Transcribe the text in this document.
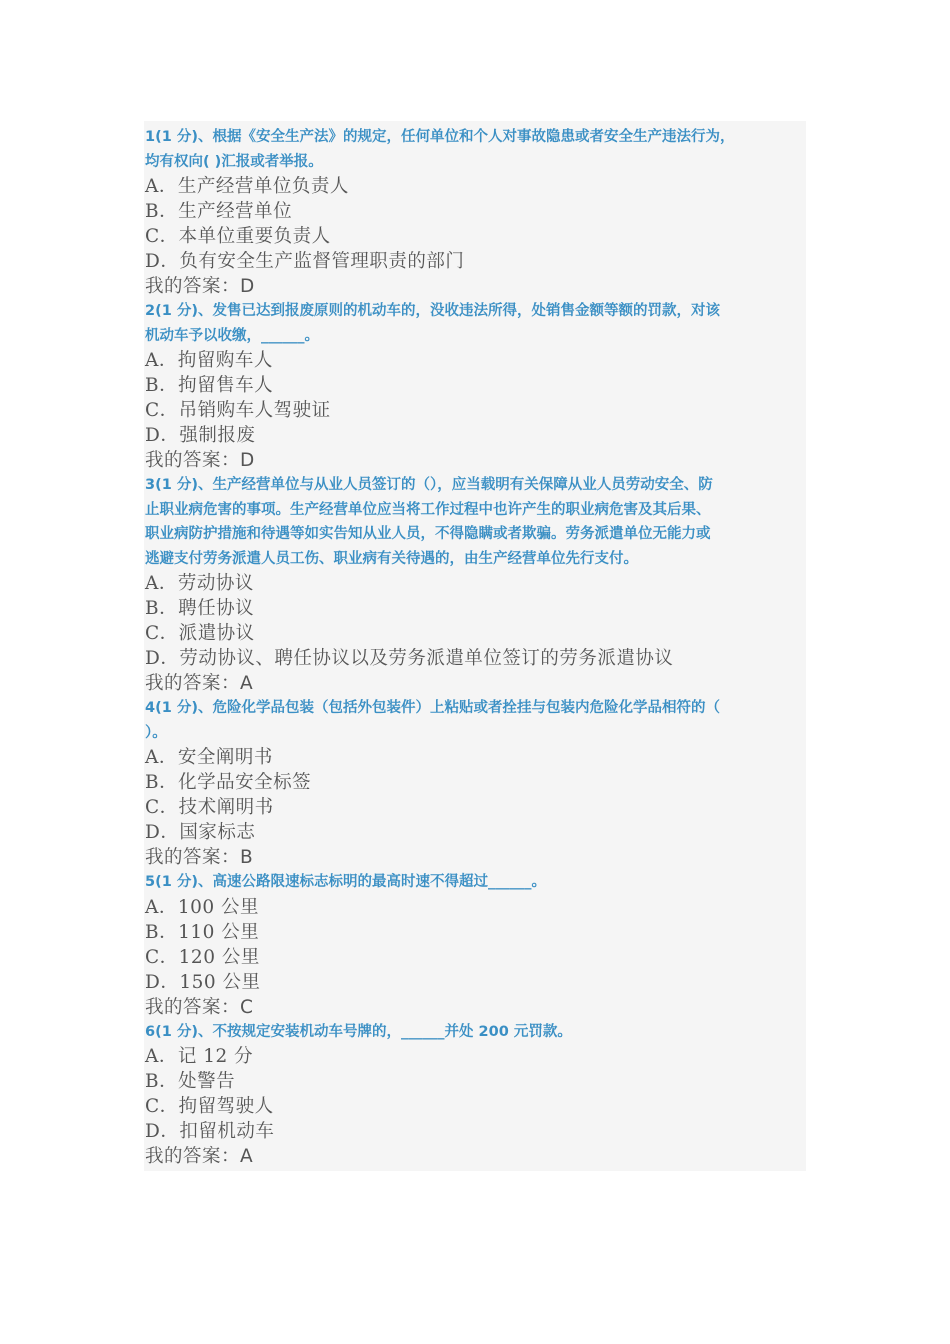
1(1 分)、根据《安全生产法》的规定，任何单位和个人对事故隐患或者安全生产违法行为，
均有权向( )汇报或者举报。
A．生产经营单位负责人
B．生产经营单位
C．本单位重要负责人
D．负有安全生产监督管理职责的部门
我的答案：D
2(1 分)、发售已达到报废原则的机动车的，没收违法所得，处销售金额等额的罚款，对该
机动车予以收缴，______。
A．拘留购车人
B．拘留售车人
C．吊销购车人驾驶证
D．强制报废
我的答案：D
3(1 分)、生产经营单位与从业人员签订的（），应当载明有关保障从业人员劳动安全、防
止职业病危害的事项。生产经营单位应当将工作过程中也许产生的职业病危害及其后果、
职业病防护措施和待遇等如实告知从业人员，不得隐瞒或者欺骗。劳务派遣单位无能力或
逃避支付劳务派遣人员工伤、职业病有关待遇的，由生产经营单位先行支付。
A．劳动协议
B．聘任协议
C．派遣协议
D．劳动协议、聘任协议以及劳务派遣单位签订的劳务派遣协议
我的答案：A
4(1 分)、危险化学品包装（包括外包装件）上粘贴或者拴挂与包装内危险化学品相符的（
）。
A．安全阐明书
B．化学品安全标签
C．技术阐明书
D．国家标志
我的答案：B
5(1 分)、高速公路限速标志标明的最高时速不得超过______。
A．100 公里
B．110 公里
C．120 公里
D．150 公里
我的答案：C
6(1 分)、不按规定安装机动车号牌的，______并处 200 元罚款。
A．记 12 分
B．处警告
C．拘留驾驶人
D．扣留机动车
我的答案：A
